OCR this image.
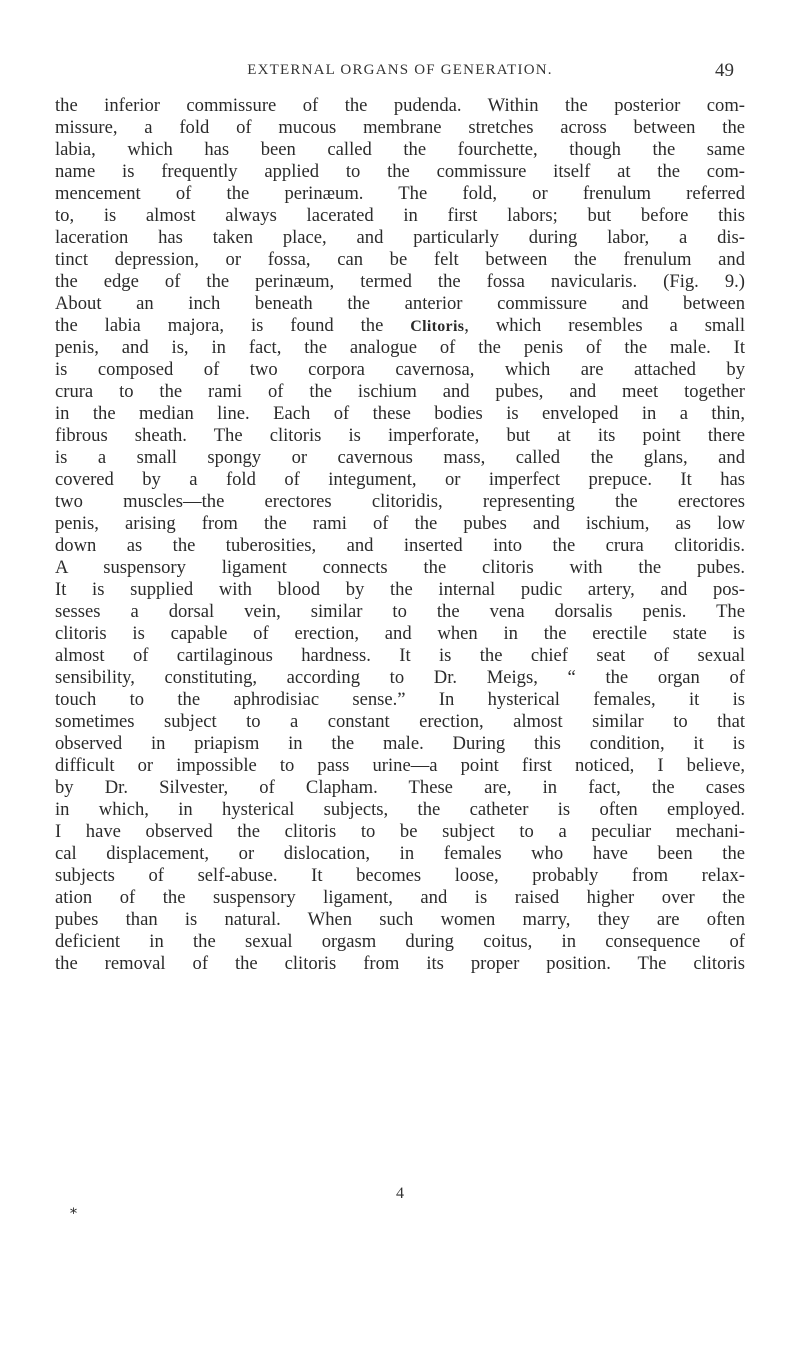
EXTERNAL ORGANS OF GENERATION.	49
the inferior commissure of the pudenda. Within the posterior com-
missure, a fold of mucous membrane stretches across between the
labia, which has been called the fourchette, though the same
name is frequently applied to the commissure itself at the com-
mencement of the perinæum. The fold, or frenulum referred
to, is almost always lacerated in first labors; but before this
laceration has taken place, and particularly during labor, a dis-
tinct depression, or fossa, can be felt between the frenulum and
the edge of the perinæum, termed the fossa navicularis. (Fig. 9.)
About an inch beneath the anterior commissure and between
the labia majora, is found the Clitoris, which resembles a small
penis, and is, in fact, the analogue of the penis of the male. It
is composed of two corpora cavernosa, which are attached by
crura to the rami of the ischium and pubes, and meet together
in the median line. Each of these bodies is enveloped in a thin,
fibrous sheath. The clitoris is imperforate, but at its point there
is a small spongy or cavernous mass, called the glans, and
covered by a fold of integument, or imperfect prepuce. It has
two muscles—the erectores clitoridis, representing the erectores
penis, arising from the rami of the pubes and ischium, as low
down as the tuberosities, and inserted into the crura clitoridis.
A suspensory ligament connects the clitoris with the pubes.
It is supplied with blood by the internal pudic artery, and pos-
sesses a dorsal vein, similar to the vena dorsalis penis. The
clitoris is capable of erection, and when in the erectile state is
almost of cartilaginous hardness. It is the chief seat of sexual
sensibility, constituting, according to Dr. Meigs, “ the organ of
touch to the aphrodisiac sense.” In hysterical females, it is
sometimes subject to a constant erection, almost similar to that
observed in priapism in the male. During this condition, it is
difficult or impossible to pass urine—a point first noticed, I believe,
by Dr. Silvester, of Clapham. These are, in fact, the cases
in which, in hysterical subjects, the catheter is often employed.
I have observed the clitoris to be subject to a peculiar mechani-
cal displacement, or dislocation, in females who have been the
subjects of self-abuse. It becomes loose, probably from relax-
ation of the suspensory ligament, and is raised higher over the
pubes than is natural. When such women marry, they are often
deficient in the sexual orgasm during coitus, in consequence of
the removal of the clitoris from its proper position. The clitoris
4
*
